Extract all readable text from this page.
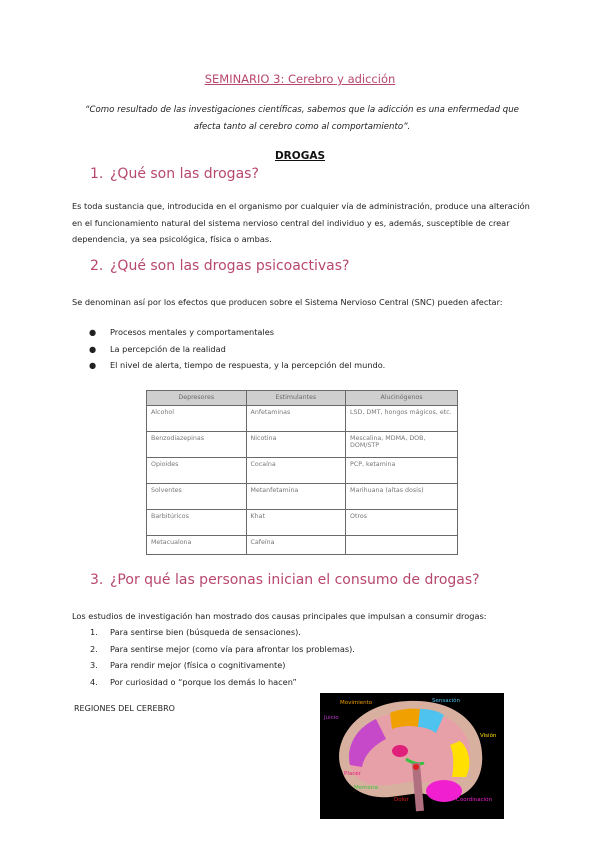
SEMINARIO 3: Cerebro y adicción
“Como resultado de las investigaciones científicas, sabemos que la adicción es una enfermedad que afecta tanto al cerebro como al comportamiento”.
DROGAS
1. ¿Qué son las drogas?
Es toda sustancia que, introducida en el organismo por cualquier vía de administración, produce una alteración en el funcionamiento natural del sistema nervioso central del individuo y es, además, susceptible de crear dependencia, ya sea psicológica, física o ambas.
2. ¿Qué son las drogas psicoactivas?
Se denominan así por los efectos que producen sobre el Sistema Nervioso Central (SNC) pueden afectar:
● Procesos mentales y comportamentales
● La percepción de la realidad
● El nivel de alerta, tiempo de respuesta, y la percepción del mundo.
Depresores	Estimulantes	Alucinógenos
Alcohol	Anfetaminas	LSD, DMT, hongos mágicos, etc.
Benzodiazepinas	Nicotina	Mescalina, MDMA, DOB, DOM/STP
Opioides	Cocaína	PCP, ketamina
Solventes	Metanfetamina	Marihuana (altas dosis)
Barbitúricos	Khat	Otros
Metacualona	Cafeína	
3. ¿Por qué las personas inician el consumo de drogas?
Los estudios de investigación han mostrado dos causas principales que impulsan a consumir drogas:
1. Para sentirse bien (búsqueda de sensaciones).
2. Para sentirse mejor (como vía para afrontar los problemas).
3. Para rendir mejor (física o cognitivamente)
4. Por curiosidad o “porque los demás lo hacen”
REGIONES DEL CEREBRO
Movimiento	Sensación
Juicio
Visión
Placer
Memoria
Dolor	Coordinación
